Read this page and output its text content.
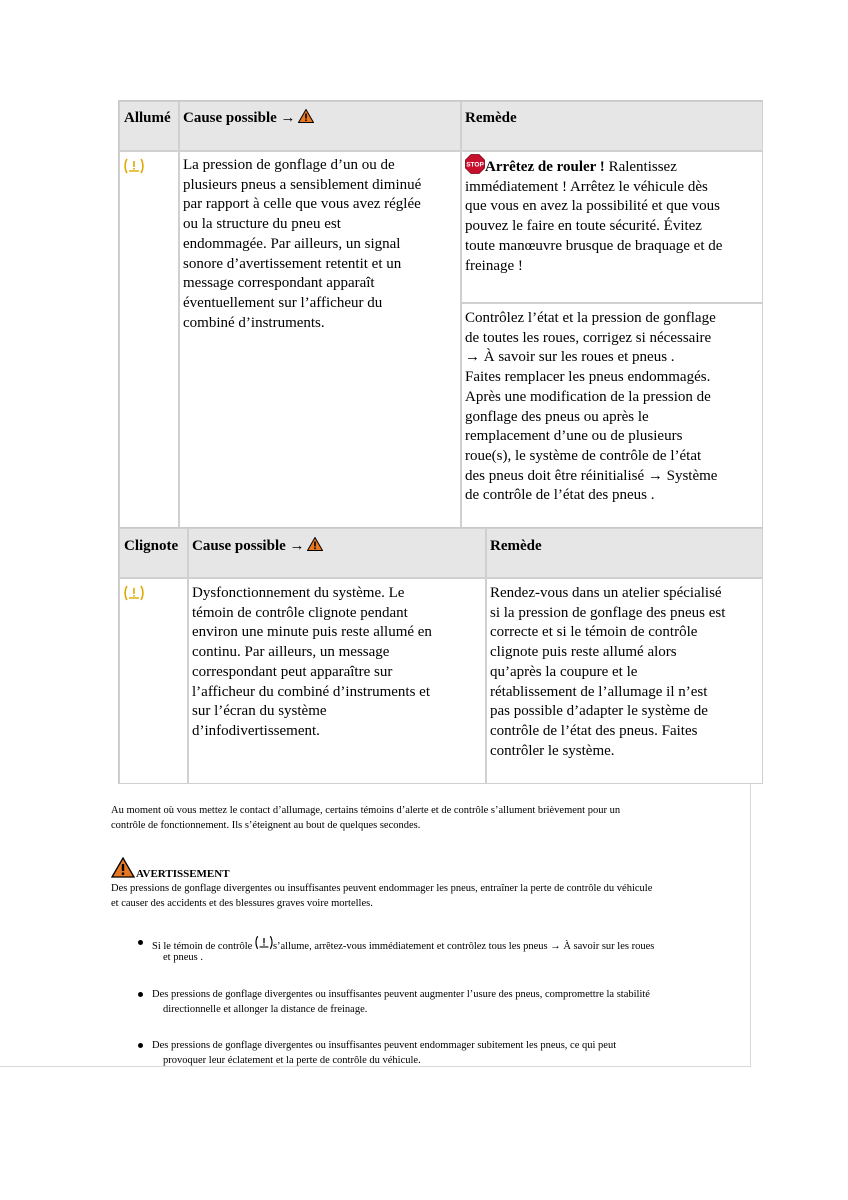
Allumé Cause possible →	Remède
La pression de gonflage d’un ou de
plusieurs pneus a sensiblement diminué
par rapport à celle que vous avez réglée
ou la structure du pneu est
endommagée. Par ailleurs, un signal
sonore d’avertissement retentit et un
message correspondant apparaît
éventuellement sur l’afficheur du
combiné d’instruments.
STOP Arrêtez de rouler ! Ralentissez
immédiatement ! Arrêtez le véhicule dès
que vous en avez la possibilité et que vous
pouvez le faire en toute sécurité. Évitez
toute manœuvre brusque de braquage et de
freinage !
Contrôlez l’état et la pression de gonflage
de toutes les roues, corrigez si nécessaire
→ À savoir sur les roues et pneus .
Faites remplacer les pneus endommagés.
Après une modification de la pression de
gonflage des pneus ou après le
remplacement d’une ou de plusieurs
roue(s), le système de contrôle de l’état
des pneus doit être réinitialisé → Système
de contrôle de l’état des pneus .
Clignote Cause possible →	Remède
Dysfonctionnement du système. Le
témoin de contrôle clignote pendant
environ une minute puis reste allumé en
continu. Par ailleurs, un message
correspondant peut apparaître sur
l’afficheur du combiné d’instruments et
sur l’écran du système
d’infodivertissement.
Rendez-vous dans un atelier spécialisé
si la pression de gonflage des pneus est
correcte et si le témoin de contrôle
clignote puis reste allumé alors
qu’après la coupure et le
rétablissement de l’allumage il n’est
pas possible d’adapter le système de
contrôle de l’état des pneus. Faites
contrôler le système.
Au moment où vous mettez le contact d’allumage, certains témoins d’alerte et de contrôle s’allument brièvement pour un
contrôle de fonctionnement. Ils s’éteignent au bout de quelques secondes.
AVERTISSEMENT
Des pressions de gonflage divergentes ou insuffisantes peuvent endommager les pneus, entraîner la perte de contrôle du véhicule
et causer des accidents et des blessures graves voire mortelles.
Si le témoin de contrôle s’allume, arrêtez-vous immédiatement et contrôlez tous les pneus → À savoir sur les roues
et pneus .
Des pressions de gonflage divergentes ou insuffisantes peuvent augmenter l’usure des pneus, compromettre la stabilité
directionnelle et allonger la distance de freinage.
Des pressions de gonflage divergentes ou insuffisantes peuvent endommager subitement les pneus, ce qui peut
provoquer leur éclatement et la perte de contrôle du véhicule.
